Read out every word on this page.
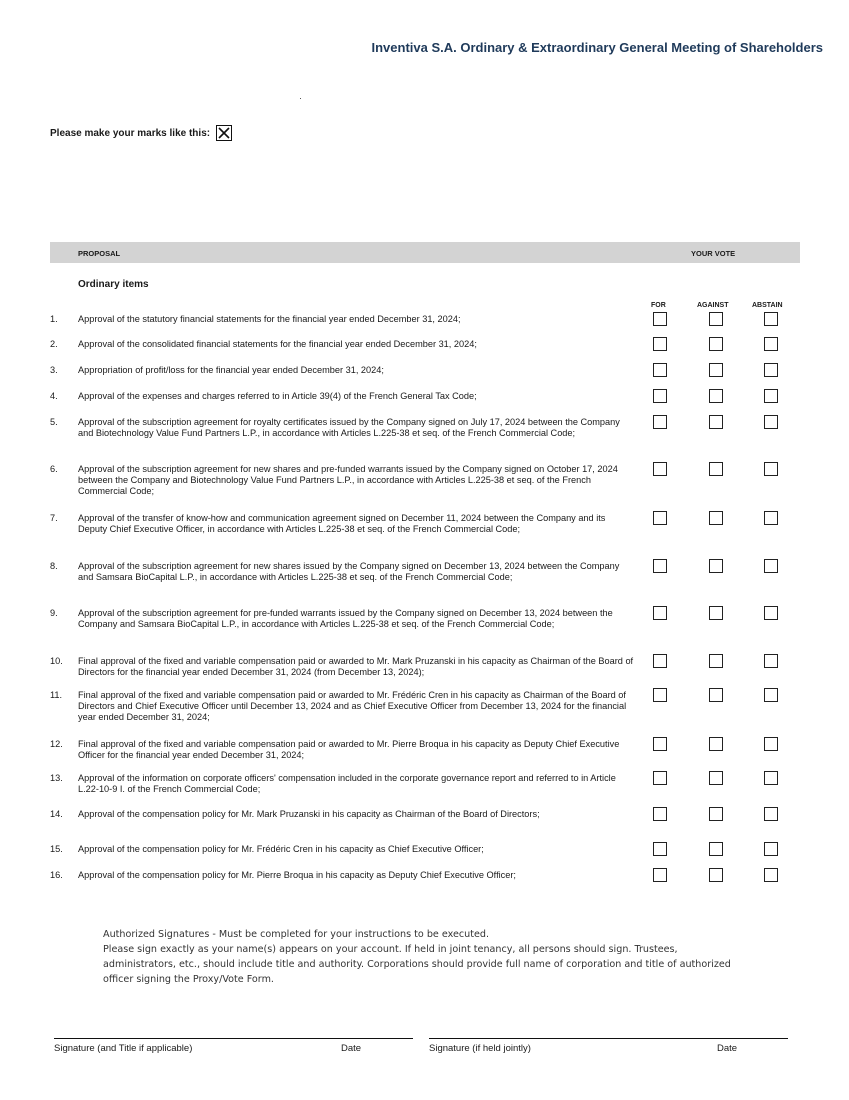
Inventiva S.A. Ordinary & Extraordinary General Meeting of Shareholders
Please make your marks like this:
PROPOSAL	YOUR VOTE
Ordinary items
FOR	AGAINST	ABSTAIN
1. Approval of the statutory financial statements for the financial year ended December 31, 2024;
2. Approval of the consolidated financial statements for the financial year ended December 31, 2024;
3. Appropriation of profit/loss for the financial year ended December 31, 2024;
4. Approval of the expenses and charges referred to in Article 39(4) of the French General Tax Code;
5. Approval of the subscription agreement for royalty certificates issued by the Company signed on July 17, 2024 between the Company and Biotechnology Value Fund Partners L.P., in accordance with Articles L.225-38 et seq. of the French Commercial Code;
6. Approval of the subscription agreement for new shares and pre-funded warrants issued by the Company signed on October 17, 2024 between the Company and Biotechnology Value Fund Partners L.P., in accordance with Articles L.225-38 et seq. of the French Commercial Code;
7. Approval of the transfer of know-how and communication agreement signed on December 11, 2024 between the Company and its Deputy Chief Executive Officer, in accordance with Articles L.225-38 et seq. of the French Commercial Code;
8. Approval of the subscription agreement for new shares issued by the Company signed on December 13, 2024 between the Company and Samsara BioCapital L.P., in accordance with Articles L.225-38 et seq. of the French Commercial Code;
9. Approval of the subscription agreement for pre-funded warrants issued by the Company signed on December 13, 2024 between the Company and Samsara BioCapital L.P., in accordance with Articles L.225-38 et seq. of the French Commercial Code;
10. Final approval of the fixed and variable compensation paid or awarded to Mr. Mark Pruzanski in his capacity as Chairman of the Board of Directors for the financial year ended December 31, 2024 (from December 13, 2024);
11. Final approval of the fixed and variable compensation paid or awarded to Mr. Frédéric Cren in his capacity as Chairman of the Board of Directors and Chief Executive Officer until December 13, 2024 and as Chief Executive Officer from December 13, 2024 for the financial year ended December 31, 2024;
12. Final approval of the fixed and variable compensation paid or awarded to Mr. Pierre Broqua in his capacity as Deputy Chief Executive Officer for the financial year ended December 31, 2024;
13. Approval of the information on corporate officers' compensation included in the corporate governance report and referred to in Article L.22-10-9 I. of the French Commercial Code;
14. Approval of the compensation policy for Mr. Mark Pruzanski in his capacity as Chairman of the Board of Directors;
15. Approval of the compensation policy for Mr. Frédéric Cren in his capacity as Chief Executive Officer;
16. Approval of the compensation policy for Mr. Pierre Broqua in his capacity as Deputy Chief Executive Officer;
Authorized Signatures - Must be completed for your instructions to be executed.
Please sign exactly as your name(s) appears on your account. If held in joint tenancy, all persons should sign. Trustees, administrators, etc., should include title and authority. Corporations should provide full name of corporation and title of authorized officer signing the Proxy/Vote Form.
Signature (and Title if applicable)	Date	Signature (if held jointly)	Date
